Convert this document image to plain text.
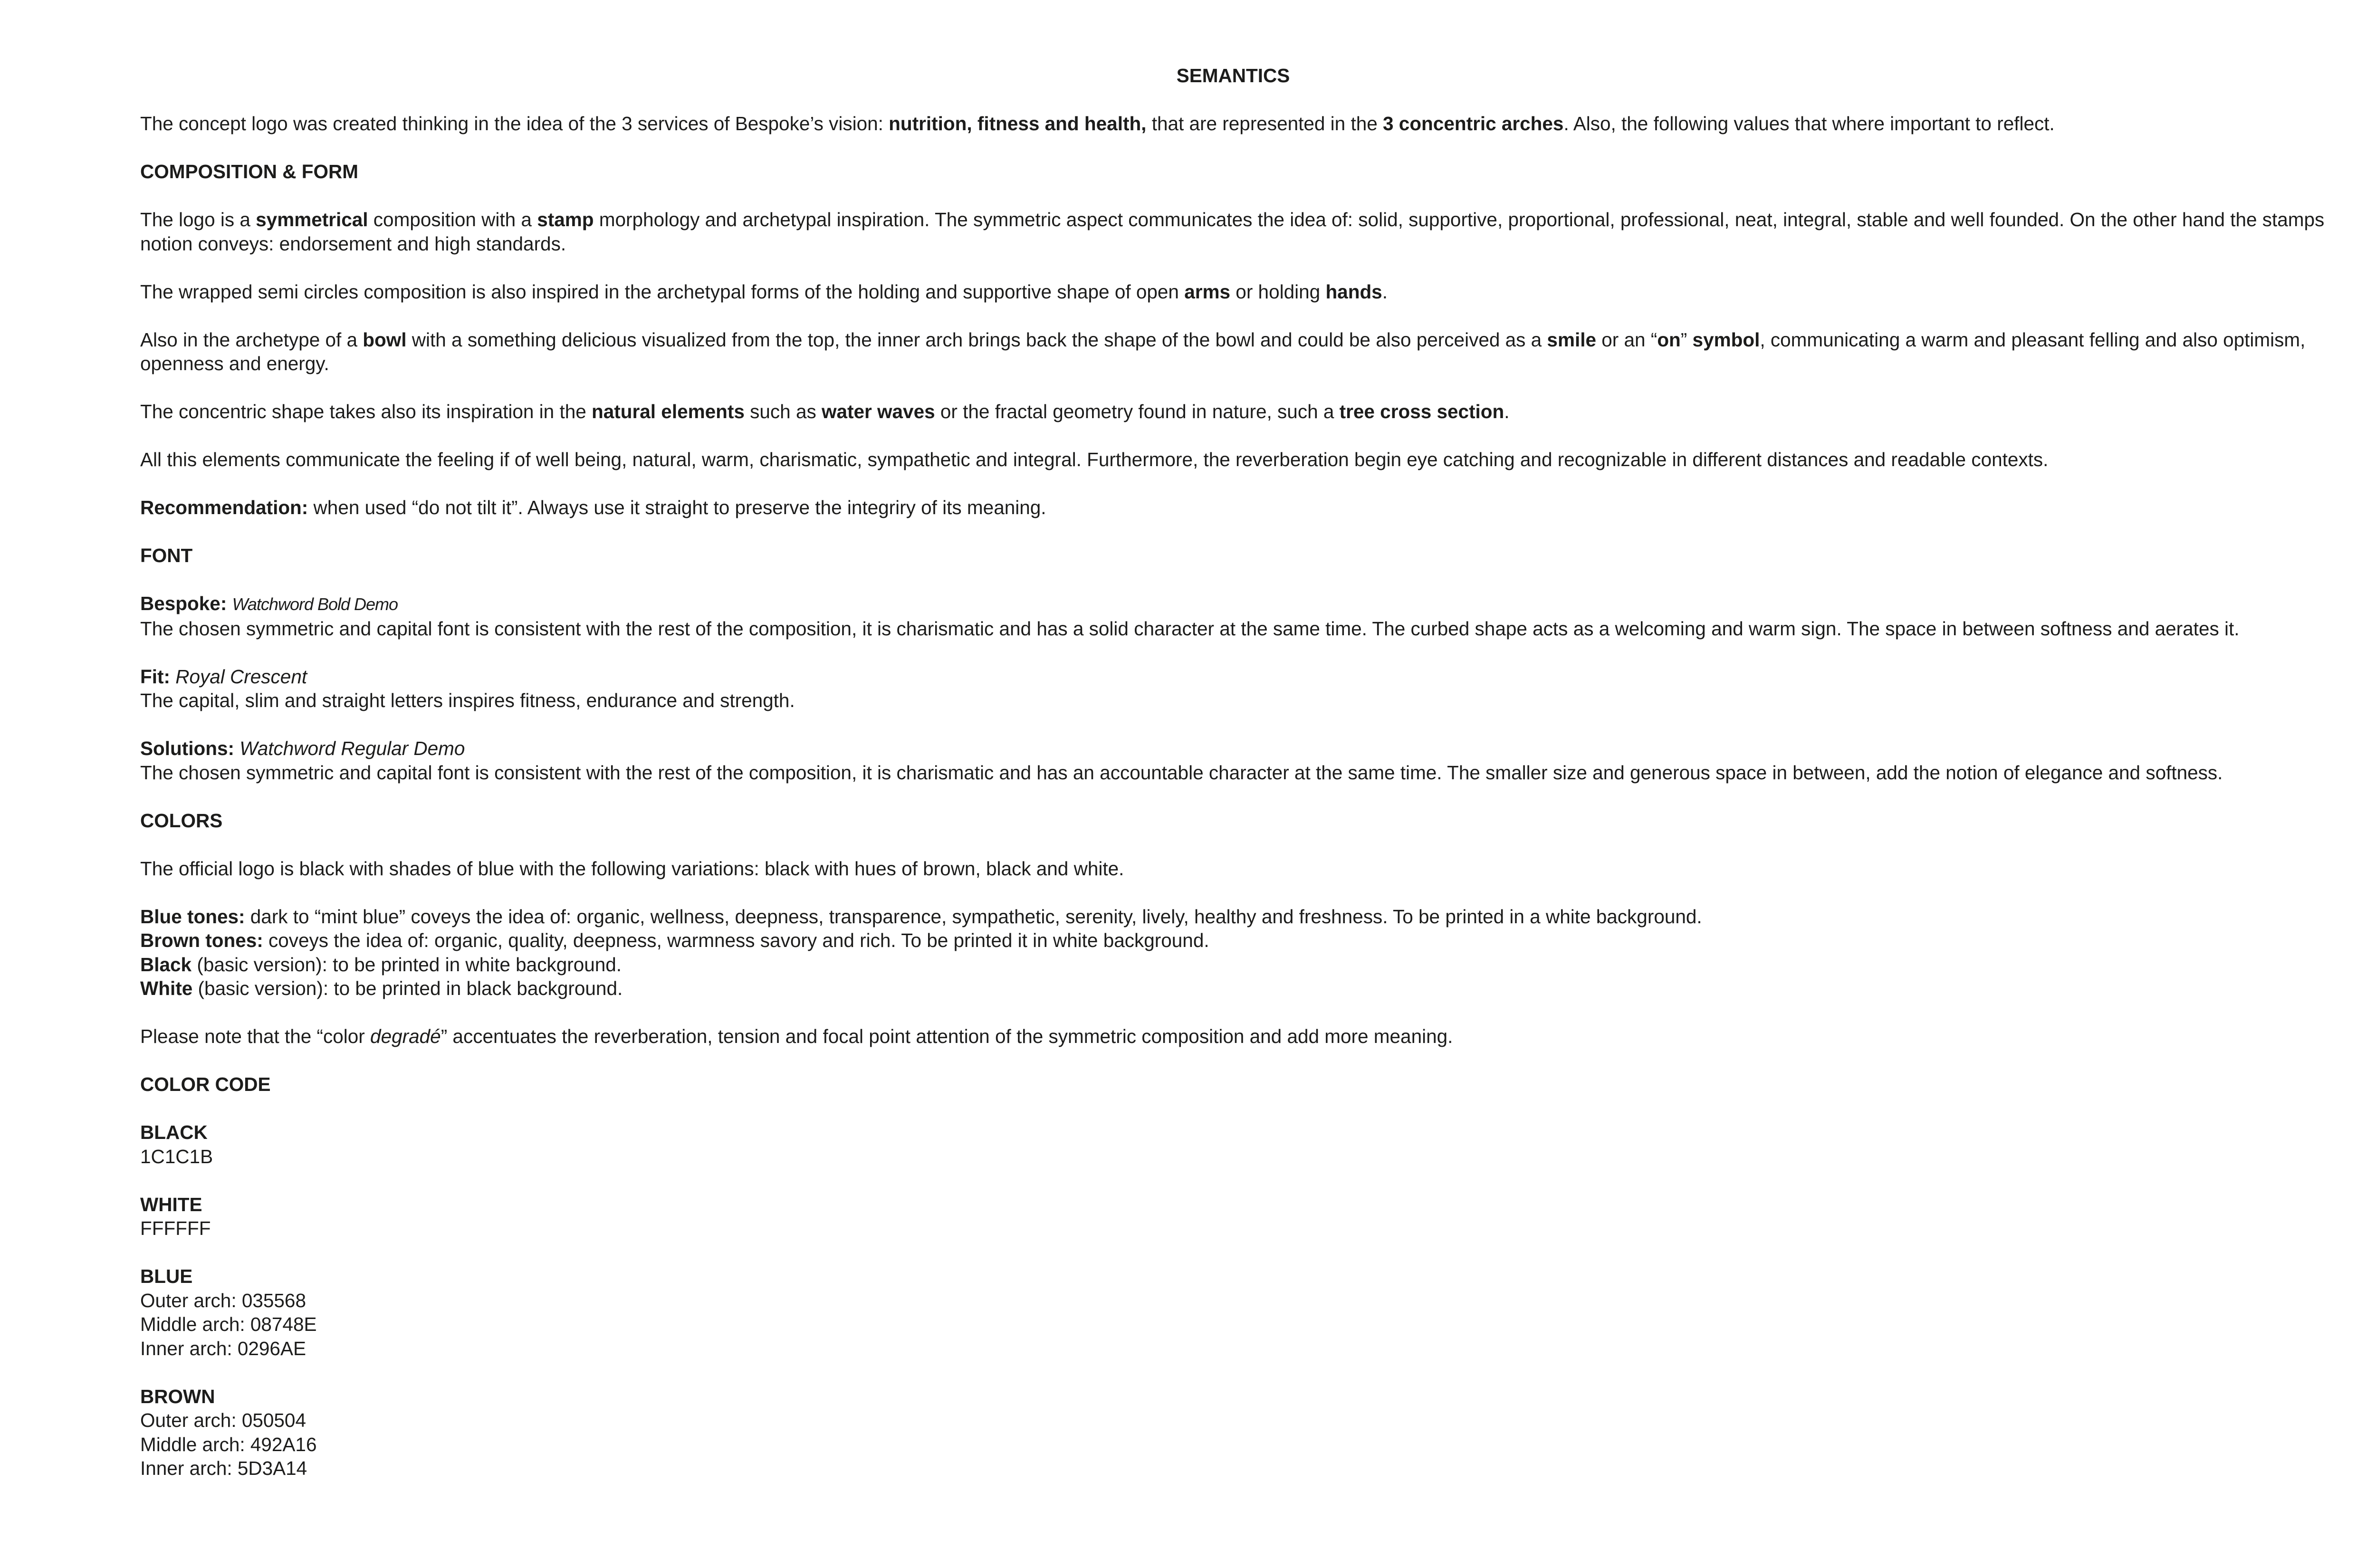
SEMANTICS

The concept logo was created thinking in the idea of the 3 services of Bespoke’s vision: nutrition, fitness and health, that are represented in the 3 concentric arches. Also, the following values that where important to reflect.

COMPOSITION & FORM

The logo is a symmetrical composition with a stamp morphology and archetypal inspiration. The symmetric aspect communicates the idea of: solid, supportive, proportional, professional, neat, integral, stable and well founded. On the other hand the stamps notion conveys: endorsement and high standards.

The wrapped semi circles composition is also inspired in the archetypal forms of the holding and supportive shape of open arms or holding hands.

Also in the archetype of a bowl with a something delicious visualized from the top, the inner arch brings back the shape of the bowl and could be also perceived as a smile or an “on” symbol, communicating a warm and pleasant felling and also optimism, openness and energy.

The concentric shape takes also its inspiration in the natural elements such as water waves or the fractal geometry found in nature, such a tree cross section.

All this elements communicate the feeling if of well being, natural, warm, charismatic, sympathetic and integral. Furthermore, the reverberation begin eye catching and recognizable in different distances and readable contexts.

Recommendation: when used “do not tilt it”. Always use it straight to preserve the integriry of its meaning.

FONT

Bespoke: Watchword Bold Demo
The chosen symmetric and capital font is consistent with the rest of the composition, it is charismatic and has a solid character at the same time. The curbed shape acts as a welcoming and warm sign. The space in between softness and aerates it.

Fit: Royal Crescent
The capital, slim and straight letters inspires fitness, endurance and strength.

Solutions: Watchword Regular Demo
The chosen symmetric and capital font is consistent with the rest of the composition, it is charismatic and has an accountable character at the same time. The smaller size and generous space in between, add the notion of elegance and softness.

COLORS

The official logo is black with shades of blue with the following variations: black with hues of brown, black and white.

Blue tones: dark to “mint blue” coveys the idea of: organic, wellness, deepness, transparence, sympathetic, serenity, lively, healthy and freshness. To be printed in a white background.
Brown tones: coveys the idea of: organic, quality, deepness, warmness savory and rich. To be printed it in white background.
Black (basic version): to be printed in white background.
White (basic version): to be printed in black background.

Please note that the “color degradé” accentuates the reverberation, tension and focal point attention of the symmetric composition and add more meaning.

COLOR CODE

BLACK
1C1C1B

WHITE
FFFFFF

BLUE
Outer arch: 035568
Middle arch: 08748E
Inner arch: 0296AE

BROWN
Outer arch: 050504
Middle arch: 492A16
Inner arch: 5D3A14
